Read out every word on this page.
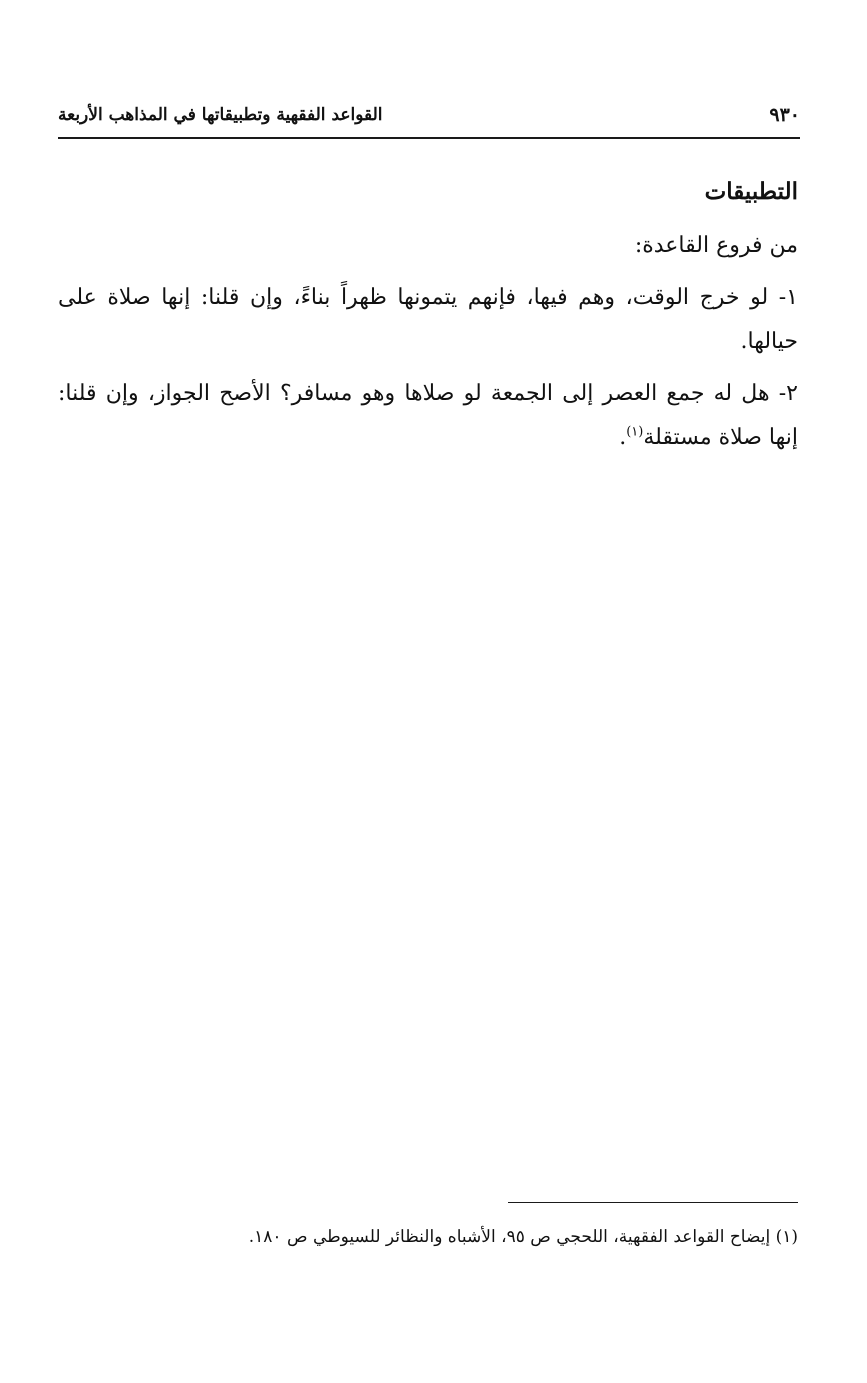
٩٣٠
القواعد الفقهية وتطبيقاتها في المذاهب الأربعة
التطبيقات

من فروع القاعدة:

١- لو خرج الوقت، وهم فيها، فإنهم يتمونها ظهراً بناءً، وإن قلنا: إنها صلاة على حيالها.

٢- هل له جمع العصر إلى الجمعة لو صلاها وهو مسافر؟ الأصح الجواز، وإن قلنا: إنها صلاة مستقلة$^{(١)}$.

(١) إيضاح القواعد الفقهية، اللحجي ص ٩٥، الأشباه والنظائر للسيوطي ص ١٨٠.
